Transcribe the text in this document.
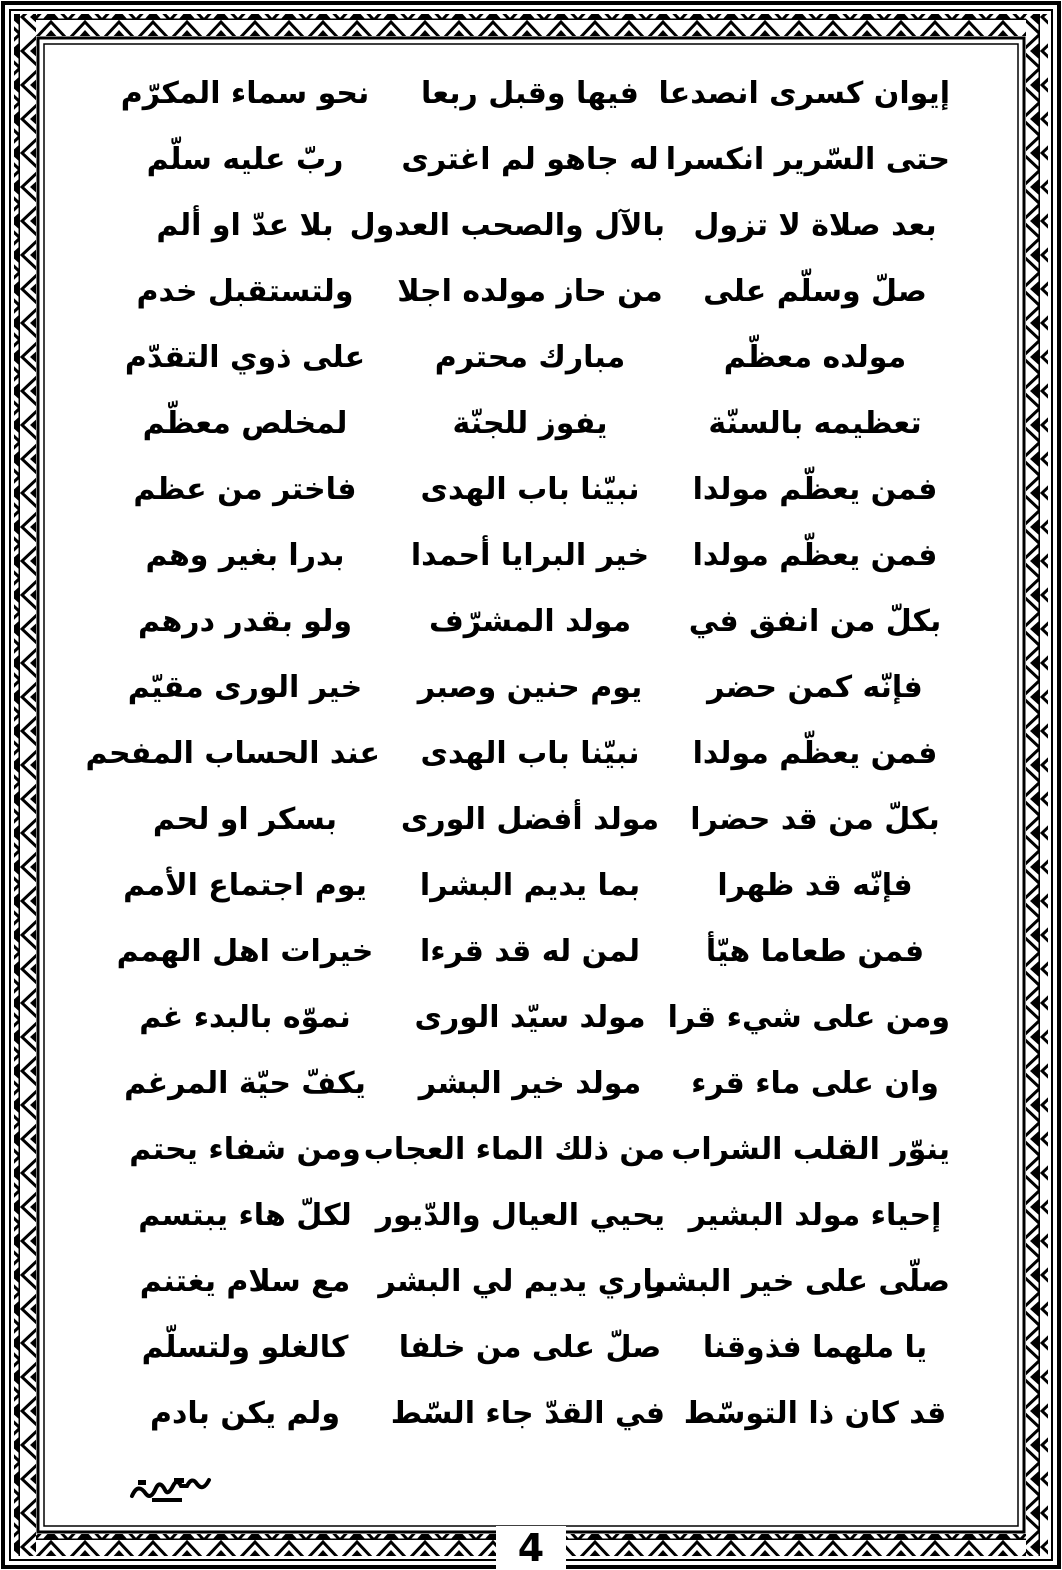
إيوان كسرى انصدعا
فيها وقبل ربعا
نحو سماء المكرّم
حتى السّرير انكسرا
له جاهو لم اغترى
ربّ عليه سلّم
بعد صلاة لا تزول
بالآل والصحب العدول
بلا عدّ او ألم
صلّ وسلّم على
من حاز مولده اجلا
ولتستقبل خدم
مولده معظّم
مبارك محترم
على ذوي التقدّم
تعظيمه بالسنّة
يفوز للجنّة
لمخلص معظّم
فمن يعظّم مولدا
نبيّنا باب الهدى
فاختر من عظم
فمن يعظّم مولدا
خير البرايا أحمدا
بدرا بغير وهم
بكلّ من انفق في
مولد المشرّف
ولو بقدر درهم
فإنّه كمن حضر
يوم حنين وصبر
خير الورى مقيّم
فمن يعظّم مولدا
نبيّنا باب الهدى
عند الحساب المفحم
بكلّ من قد حضرا
مولد أفضل الورى
بسكر او لحم
فإنّه قد ظهرا
بما يديم البشرا
يوم اجتماع الأمم
فمن طعاما هيّأ
لمن له قد قرءا
خيرات اهل الهمم
ومن على شيء قرا
مولد سيّد الورى
نموّه بالبدء غم
وان على ماء قرء
مولد خير البشر
يكفّ حيّة المرغم
ينوّر القلب الشراب
من ذلك الماء العجاب
ومن شفاء يحتم
إحياء مولد البشير
يحيي العيال والدّيور
لكلّ هاء يبتسم
صلّى على خير البشر
باري يديم لي البشر
مع سلام يغتنم
يا ملهما فذوقنا
صلّ على من خلفا
كالغلو ولتسلّم
قد كان ذا التوسّط
في القدّ جاء السّط
ولم يكن بادم
4
